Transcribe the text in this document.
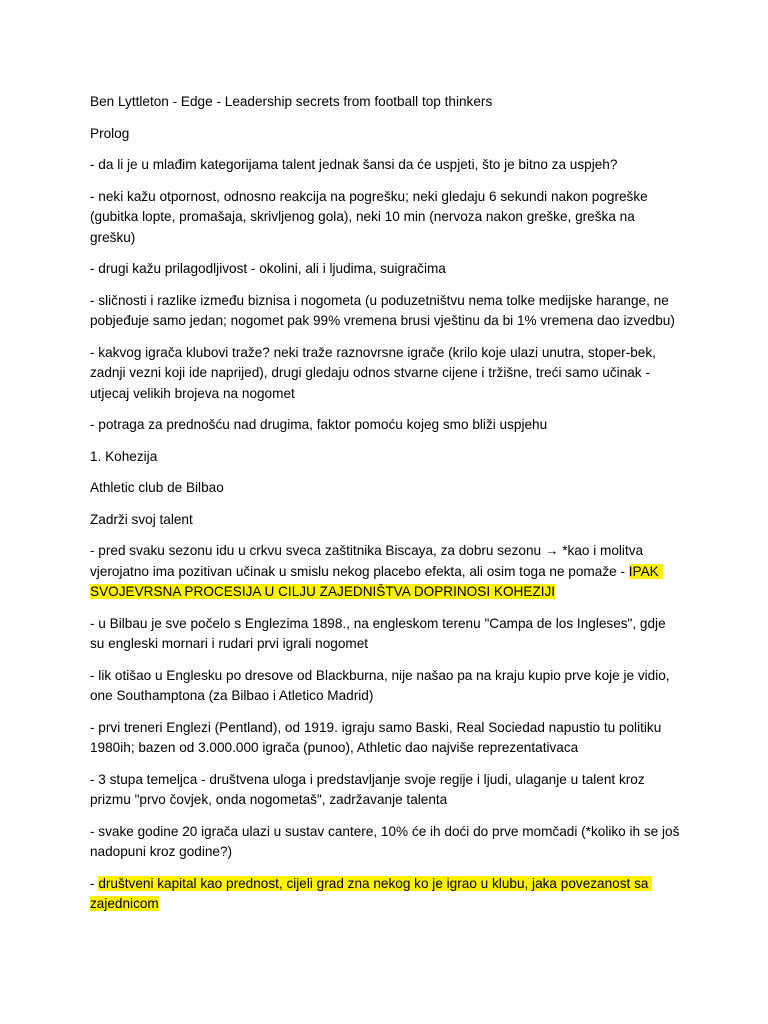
Ben Lyttleton - Edge - Leadership secrets from football top thinkers

Prolog

- da li je u mlađim kategorijama talent jednak šansi da će uspjeti, što je bitno za uspjeh?

- neki kažu otpornost, odnosno reakcija na pogrešku; neki gledaju 6 sekundi nakon pogreške (gubitka lopte, promašaja, skrivljenog gola), neki 10 min (nervoza nakon greške, greška na grešku)

- drugi kažu prilagodljivost - okolini, ali i ljudima, suigračima

- sličnosti i razlike između biznisa i nogometa (u poduzetništvu nema tolke medijske harange, ne pobjeđuje samo jedan; nogomet pak 99% vremena brusi vještinu da bi 1% vremena dao izvedbu)

- kakvog igrača klubovi traže? neki traže raznovrsne igrače (krilo koje ulazi unutra, stoper-bek, zadnji vezni koji ide naprijed), drugi gledaju odnos stvarne cijene i tržišne, treći samo učinak - utjecaj velikih brojeva na nogomet

- potraga za prednošću nad drugima, faktor pomoću kojeg smo bliži uspjehu

1. Kohezija

Athletic club de Bilbao

Zadrži svoj talent

- pred svaku sezonu idu u crkvu sveca zaštitnika Biscaya, za dobru sezonu → *kao i molitva vjerojatno ima pozitivan učinak u smislu nekog placebo efekta, ali osim toga ne pomaže - IPAK SVOJEVRSNA PROCESIJA U CILJU ZAJEDNIŠTVA DOPRINOSI KOHEZIJI

- u Bilbau je sve počelo s Englezima 1898., na engleskom terenu "Campa de los Ingleses", gdje su engleski mornari i rudari prvi igrali nogomet

- lik otišao u Englesku po dresove od Blackburna, nije našao pa na kraju kupio prve koje je vidio, one Southamptona (za Bilbao i Atletico Madrid)

- prvi treneri Englezi (Pentland), od 1919. igraju samo Baski, Real Sociedad napustio tu politiku 1980ih; bazen od 3.000.000 igrača (punoo), Athletic dao najviše reprezentativaca

- 3 stupa temeljca - društvena uloga i predstavljanje svoje regije i ljudi, ulaganje u talent kroz prizmu "prvo čovjek, onda nogometaš", zadržavanje talenta

- svake godine 20 igrača ulazi u sustav cantere, 10% će ih doći do prve momčadi (*koliko ih se još nadopuni kroz godine?)

- društveni kapital kao prednost, cijeli grad zna nekog ko je igrao u klubu, jaka povezanost sa zajednicom
